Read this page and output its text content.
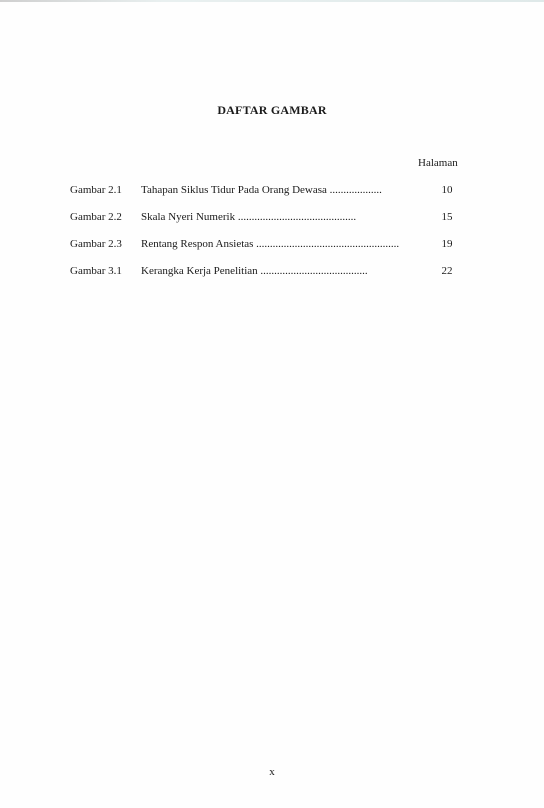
DAFTAR GAMBAR
Halaman
Gambar 2.1 Tahapan Siklus Tidur Pada Orang Dewasa ...................	10
Gambar 2.2 Skala Nyeri Numerik ...........................................	15
Gambar 2.3 Rentang Respon Ansietas ....................................................	19
Gambar 3.1 Kerangka Kerja Penelitian .......................................	22
x
